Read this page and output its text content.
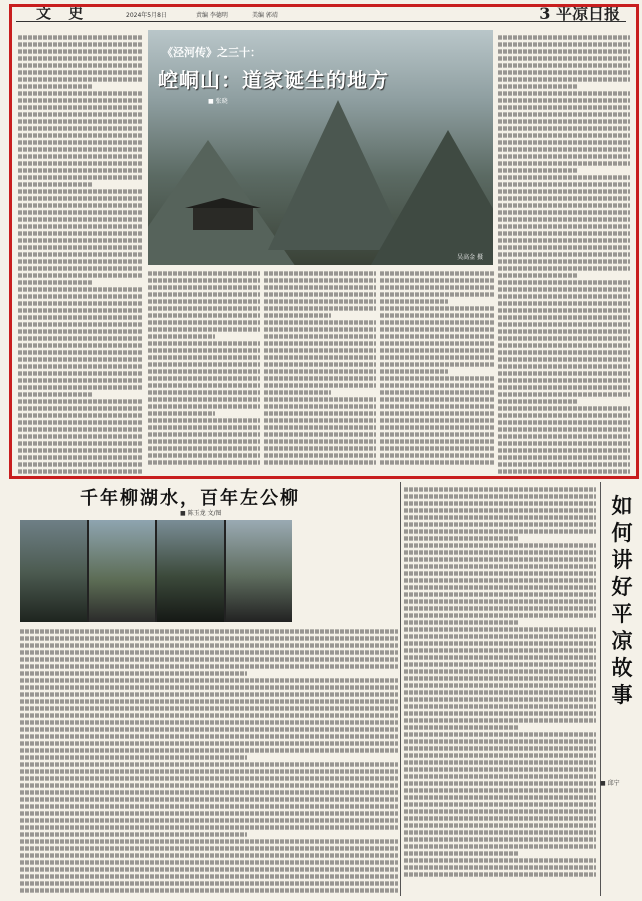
文 史	2024年5月8日	责编 李德明	美编 郭靖	3 平凉日报
《泾河传》之三十：
崆峒山：道家诞生的地方
■ 张晓
吴高金 摄
千年柳湖水，百年左公柳
■ 陈玉龙 文/图	如何讲好平凉故事
■ 邱宁
